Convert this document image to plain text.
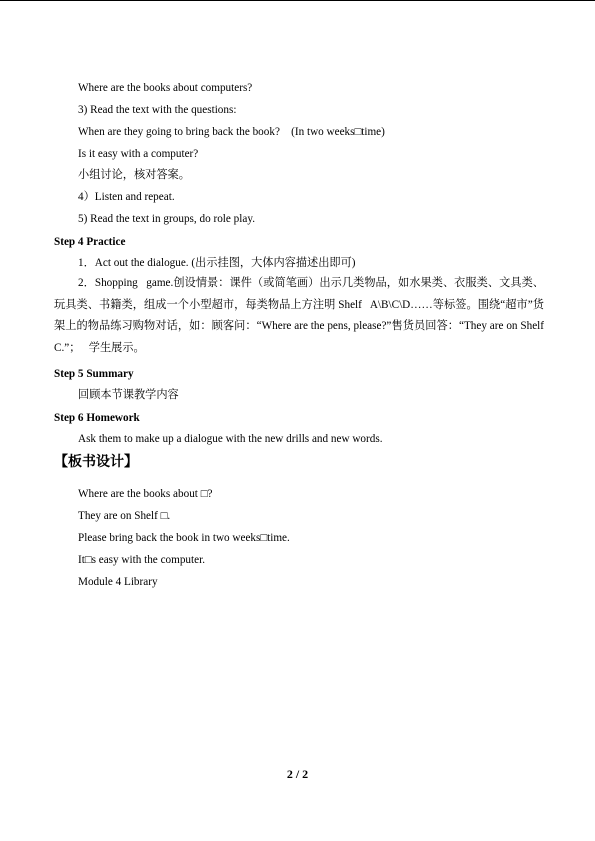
Where are the books about computers?
3) Read the text with the questions:
When are they going to bring back the book?    (In two weeks□time)
Is it easy with a computer?
小组讨论，核对答案。
4）Listen and repeat.
5) Read the text in groups, do role play.
Step 4 Practice
1．Act out the dialogue. (出示挂图，大体内容描述出即可)
2．Shopping   game.创设情景：课件（或简笔画）出示几类物品，如水果类、衣服类、文具类、玩具类、书籍类，组成一个小型超市，每类物品上方注明 Shelf   A\B\C\D……等标签。围绕“超市”货架上的物品练习购物对话，如：顾客问：“Where are the pens, please?”售货员回答：“They are on Shelf C.”；   学生展示。
Step 5 Summary
回顾本节课教学内容
Step 6 Homework
Ask them to make up a dialogue with the new drills and new words.
【板书设计】
Where are the books about □?
They are on Shelf □.
Please bring back the book in two weeks□time.
It□s easy with the computer.
Module 4 Library
2 / 2
